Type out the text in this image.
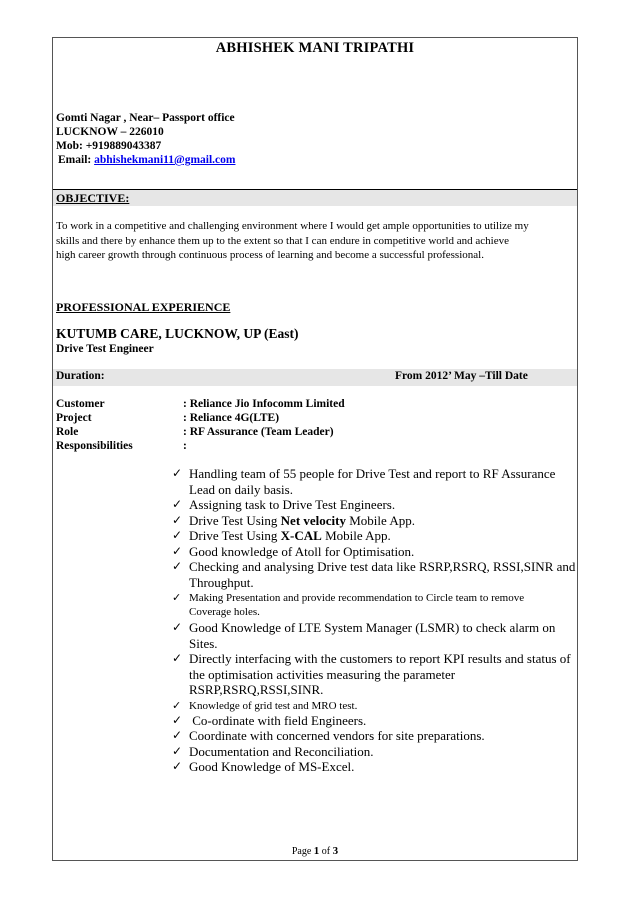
ABHISHEK MANI TRIPATHI
Gomti Nagar , Near– Passport office
LUCKNOW – 226010
Mob: +919889043387
Email: abhishekmani11@gmail.com
OBJECTIVE:
To work in a competitive and challenging environment where I would get ample opportunities to utilize my
skills and there by enhance them up to the extent so that I can endure in competitive world and achieve
high career growth through continuous process of learning and become a successful professional.
PROFESSIONAL EXPERIENCE
KUTUMB CARE, LUCKNOW, UP (East)
Drive Test Engineer
Duration:	From 2012’ May –Till Date
Customer	: Reliance Jio Infocomm Limited
Project	: Reliance 4G(LTE)
Role	: RF Assurance (Team Leader)
Responsibilities	:
✓ Handling team of 55 people for Drive Test and report to RF Assurance
Lead on daily basis.
✓ Assigning task to Drive Test Engineers.
✓ Drive Test Using Net velocity Mobile App.
✓ Drive Test Using X-CAL Mobile App.
✓ Good knowledge of Atoll for Optimisation.
✓ Checking and analysing Drive test data like RSRP,RSRQ, RSSI,SINR and
Throughput.
✓ Making Presentation and provide recommendation to Circle team to remove
Coverage holes.
✓ Good Knowledge of LTE System Manager (LSMR) to check alarm on
Sites.
✓ Directly interfacing with the customers to report KPI results and status of
the optimisation activities measuring the parameter
RSRP,RSRQ,RSSI,SINR.
✓ Knowledge of grid test and MRO test.
✓ Co-ordinate with field Engineers.
✓ Coordinate with concerned vendors for site preparations.
✓ Documentation and Reconciliation.
✓ Good Knowledge of MS-Excel.
Page 1 of 3
